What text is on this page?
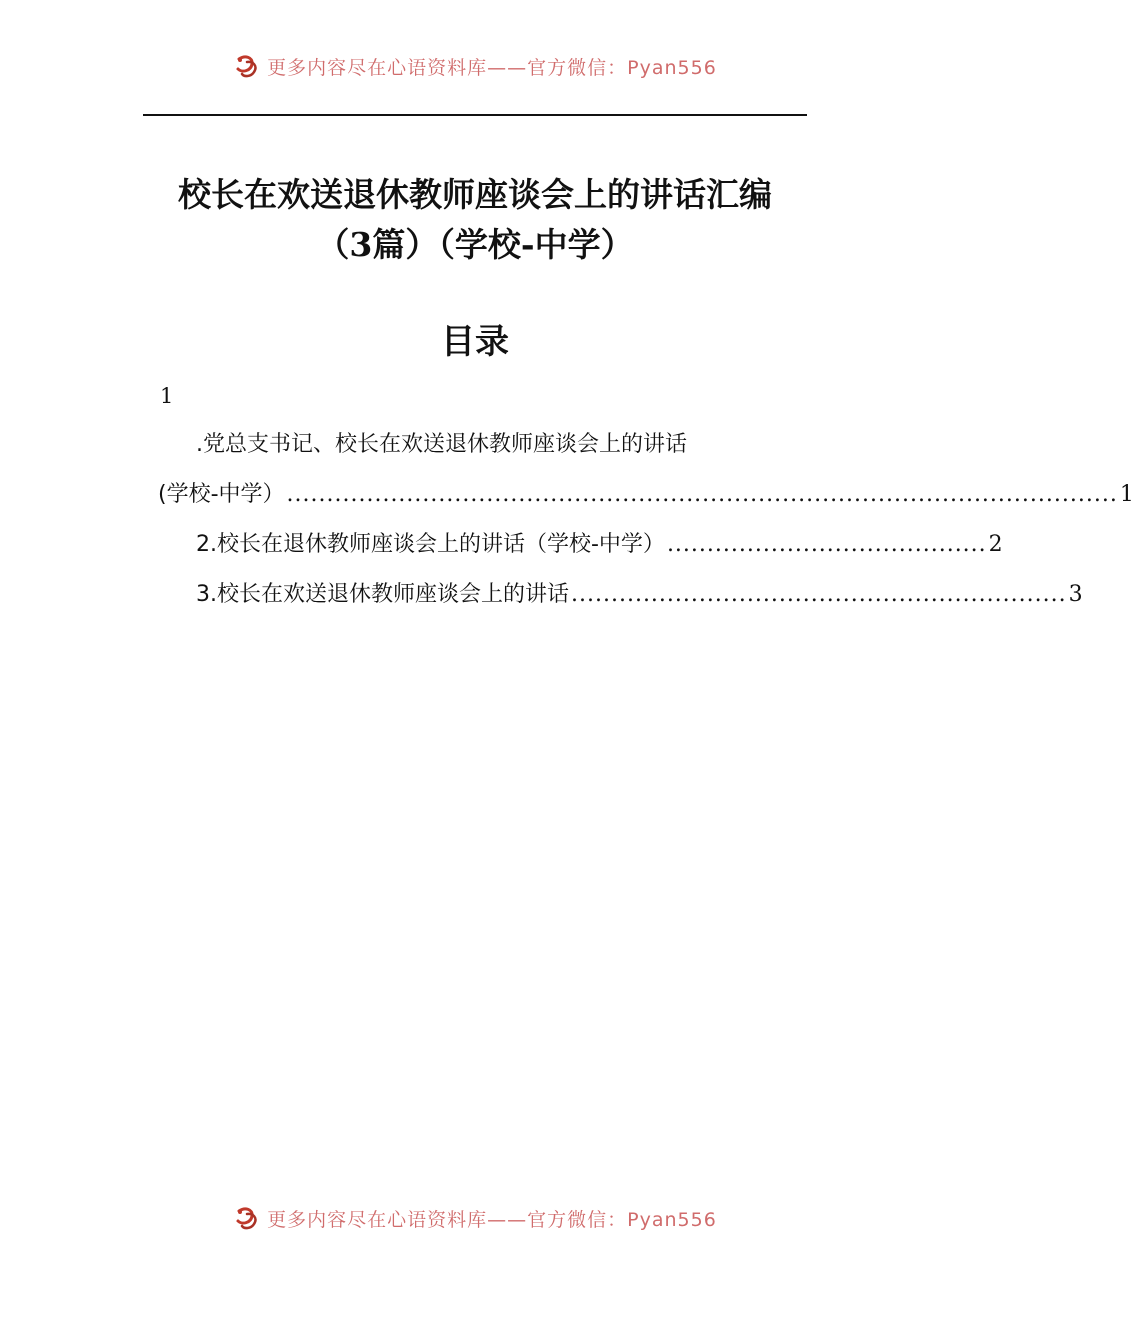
更多内容尽在心语资料库——官方微信：Pyan556
校长在欢送退休教师座谈会上的讲话汇编
（3篇）（学校-中学）
目录
1
.党总支书记、校长在欢送退休教师座谈会上的讲话
(学校-中学） ........................................................................................................ 1
2.校长在退休教师座谈会上的讲话（学校-中学） ........................................ 2
3.校长在欢送退休教师座谈会上的讲话 .............................................................. 3
更多内容尽在心语资料库——官方微信：Pyan556
